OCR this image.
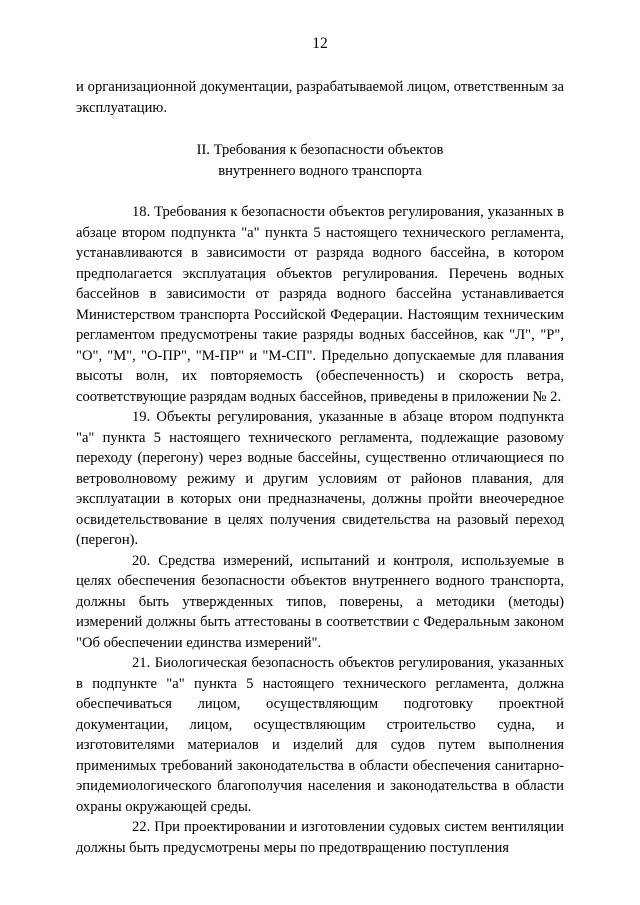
12

и организационной документации, разрабатываемой лицом, ответственным за эксплуатацию.

II. Требования к безопасности объектов
внутреннего водного транспорта

18. Требования к безопасности объектов регулирования, указанных в абзаце втором подпункта "а" пункта 5 настоящего технического регламента, устанавливаются в зависимости от разряда водного бассейна, в котором предполагается эксплуатация объектов регулирования. Перечень водных бассейнов в зависимости от разряда водного бассейна устанавливается Министерством транспорта Российской Федерации. Настоящим техническим регламентом предусмотрены такие разряды водных бассейнов, как "Л", "Р", "О", "М", "О-ПР", "М-ПР" и "М-СП". Предельно допускаемые для плавания высоты волн, их повторяемость (обеспеченность) и скорость ветра, соответствующие разрядам водных бассейнов, приведены в приложении № 2.

19. Объекты регулирования, указанные в абзаце втором подпункта "а" пункта 5 настоящего технического регламента, подлежащие разовому переходу (перегону) через водные бассейны, существенно отличающиеся по ветроволновому режиму и другим условиям от районов плавания, для эксплуатации в которых они предназначены, должны пройти внеочередное освидетельствование в целях получения свидетельства на разовый переход (перегон).

20. Средства измерений, испытаний и контроля, используемые в целях обеспечения безопасности объектов внутреннего водного транспорта, должны быть утвержденных типов, поверены, а методики (методы) измерений должны быть аттестованы в соответствии с Федеральным законом "Об обеспечении единства измерений".

21. Биологическая безопасность объектов регулирования, указанных в подпункте "а" пункта 5 настоящего технического регламента, должна обеспечиваться лицом, осуществляющим подготовку проектной документации, лицом, осуществляющим строительство судна, и изготовителями материалов и изделий для судов путем выполнения применимых требований законодательства в области обеспечения санитарно-эпидемиологического благополучия населения и законодательства в области охраны окружающей среды.

22. При проектировании и изготовлении судовых систем вентиляции должны быть предусмотрены меры по предотвращению поступления
